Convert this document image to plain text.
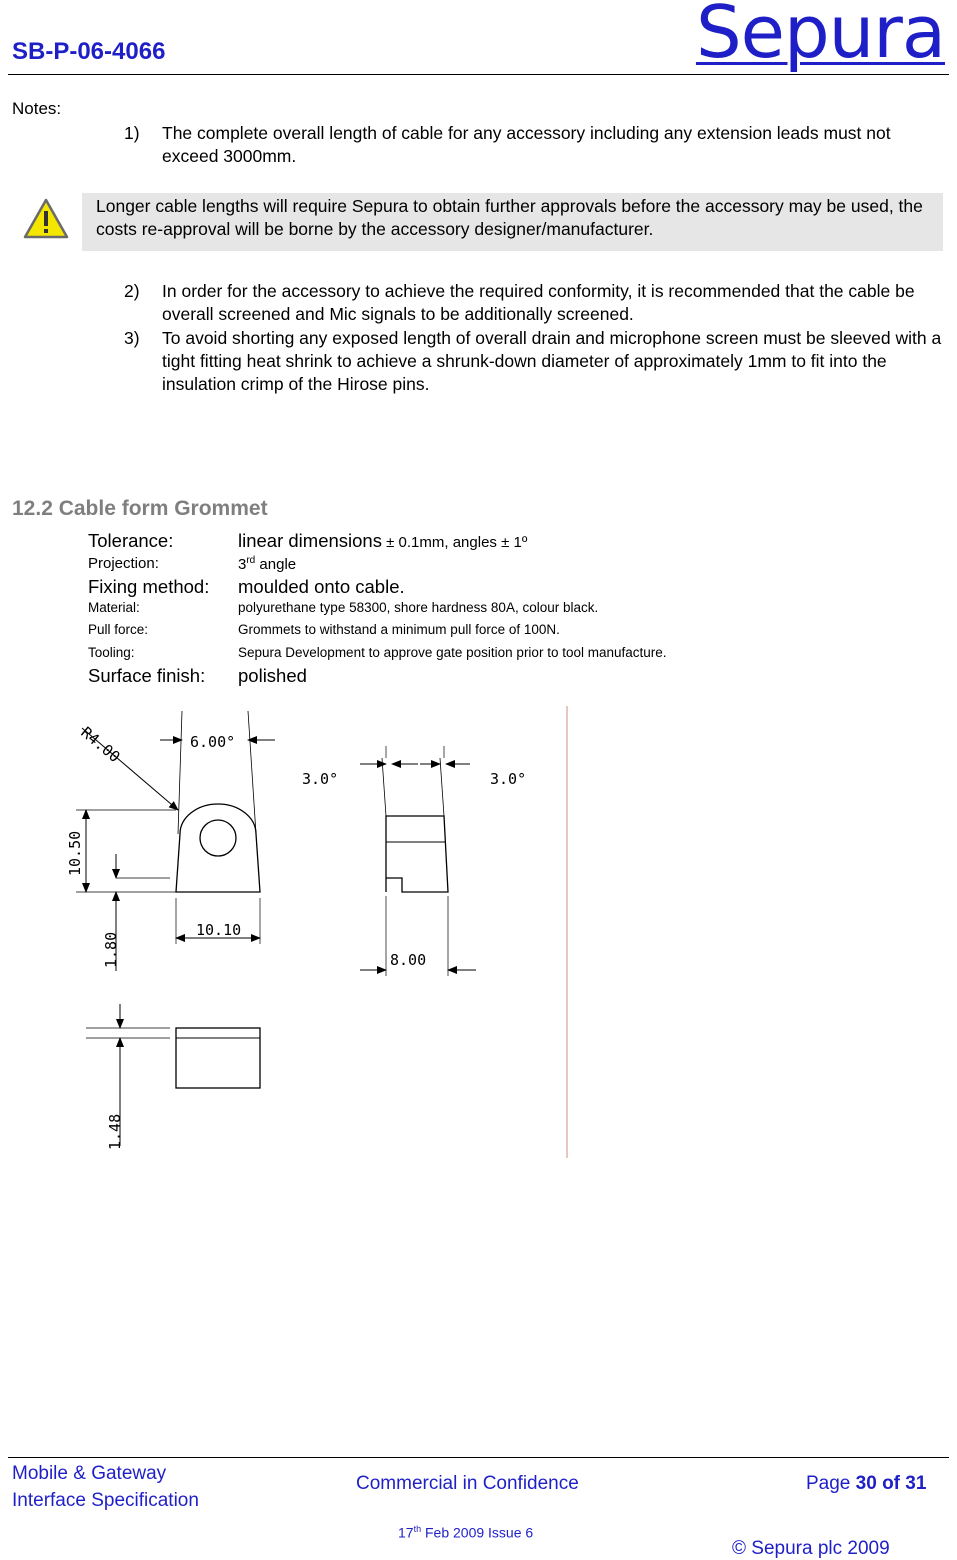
SB-P-06-4066	Sepura
Notes:
1) The complete overall length of cable for any accessory including any extension leads must not exceed 3000mm.
Longer cable lengths will require Sepura to obtain further approvals before the accessory may be used, the costs re-approval will be borne by the accessory designer/manufacturer.
2) In order for the accessory to achieve the required conformity, it is recommended that the cable be overall screened and Mic signals to be additionally screened.
3) To avoid shorting any exposed length of overall drain and microphone screen must be sleeved with a tight fitting heat shrink to achieve a shrunk-down diameter of approximately 1mm to fit into the insulation crimp of the Hirose pins.
12.2 Cable form Grommet
Tolerance:	linear dimensions ± 0.1mm, angles ± 1º
Projection:	3rd angle
Fixing method: moulded onto cable.
Material:	polyurethane type 58300, shore hardness 80A, colour black.
Pull force:	Grommets to withstand a minimum pull force of 100N.
Tooling:	Sepura Development to approve gate position prior to tool manufacture.
Surface finish: polished
6.00°
R4.00
3.0°	3.0°
10.50
10.10
1.80	8.00
1.48
Mobile & Gateway
Interface Specification
Commercial in Confidence	Page 30 of 31
17th Feb 2009 Issue 6
© Sepura plc 2009
